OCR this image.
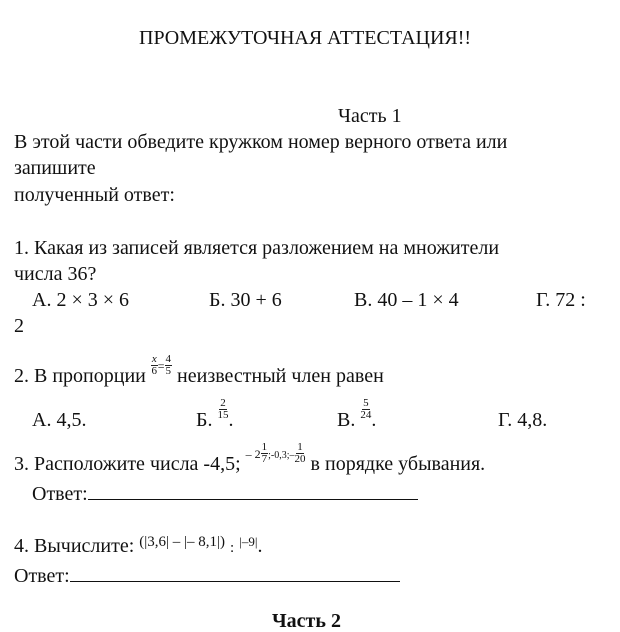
ПРОМЕЖУТОЧНАЯ АТТЕСТАЦИЯ!!
Часть 1
В этой части обведите кружком номер верного ответа или
запишите
полученный ответ:
1. Какая из записей является разложением на множители
числа 36?
А. 2 × 3 × 6	Б. 30 + 6	В. 40 – 1 × 4	Г. 72 :
2
2. В пропорции $\frac{x}{6} ^= \frac{4}{5}$ неизвестный член равен
А. 4,5.	Б. $\frac{2}{15}$ .	В. $\frac{5}{24}$ .	Г. 4,8.
3. Расположите числа -4,5; $^{- 2} \frac{1}{7} ^{;-0,3;-} \frac{1}{20}$ в порядке убывания.
Ответ:
4. Вычислите: $^{(|3,6| - |- 8,1|)}$ : $^{|-9|}$.
Ответ:
Часть 2
